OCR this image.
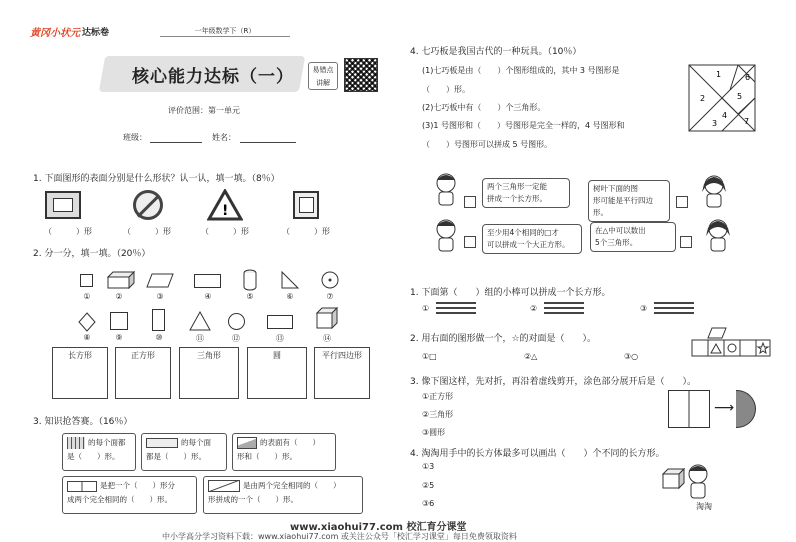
黄冈小状元 达标卷	一年级数学下（R）
核心能力达标（一）	易错点
讲解
评价范围：第一单元
班级：	姓名：
1. 下面图形的表面分别是什么形状？认一认，填一填。（8％）
!
（　　　）形	（　　　）形	（　　　）形	（　　　）形
2. 分一分，填一填。（20％）
①	②	③	④	⑤	⑥	⑦
⑧	⑨	⑩	⑪	⑫	⑬	⑭
长方形	正方形	三角形	圆	平行四边形
3. 知识抢答赛。（16％）
的每个面都
是（　　）形。
的每个面
都是（　　）形。
的表面有（　　）
形和（　　）形。
是把一个（　　）形分
成两个完全相同的（　　）形。
是由两个完全相同的（　　）
形拼成的一个（　　）形。
4. 七巧板是我国古代的一种玩具。（10％）
(1)七巧板是由（　　）个图形组成的，其中 3 号图形是
（　　）形。
(2)七巧板中有（　　）个三角形。
(3)1 号图形和（　　）号图形是完全一样的，4 号图形和
（　　）号图形可以拼成 5 号图形。
1	6
2	5
4
3	7
两个三角形一定能
拼成一个长方形。
至少用4个相同的□才
可以拼成一个大正方形。
树叶下面的图
形可能是平行四边形。
在△中可以数出
5个三角形。
1. 下面第（　　）组的小棒可以拼成一个长方形。
①	②	③
2. 用右面的图形做一个，☆的对面是（　　）。
①□	②△	③○
3. 像下图这样，先对折，再沿着虚线剪开，涂色部分展开后是（　　）。
①正方形
②三角形
③圆形
⟶
4. 淘淘用手中的长方体最多可以画出（　　）个不同的长方形。
①3
②5
③6	淘淘
www.xiaohui77.com 校汇育分课堂
中小学高分学习资料下载：www.xiaohui77.com 或关注公众号「校汇学习课堂」每日免费领取资料
